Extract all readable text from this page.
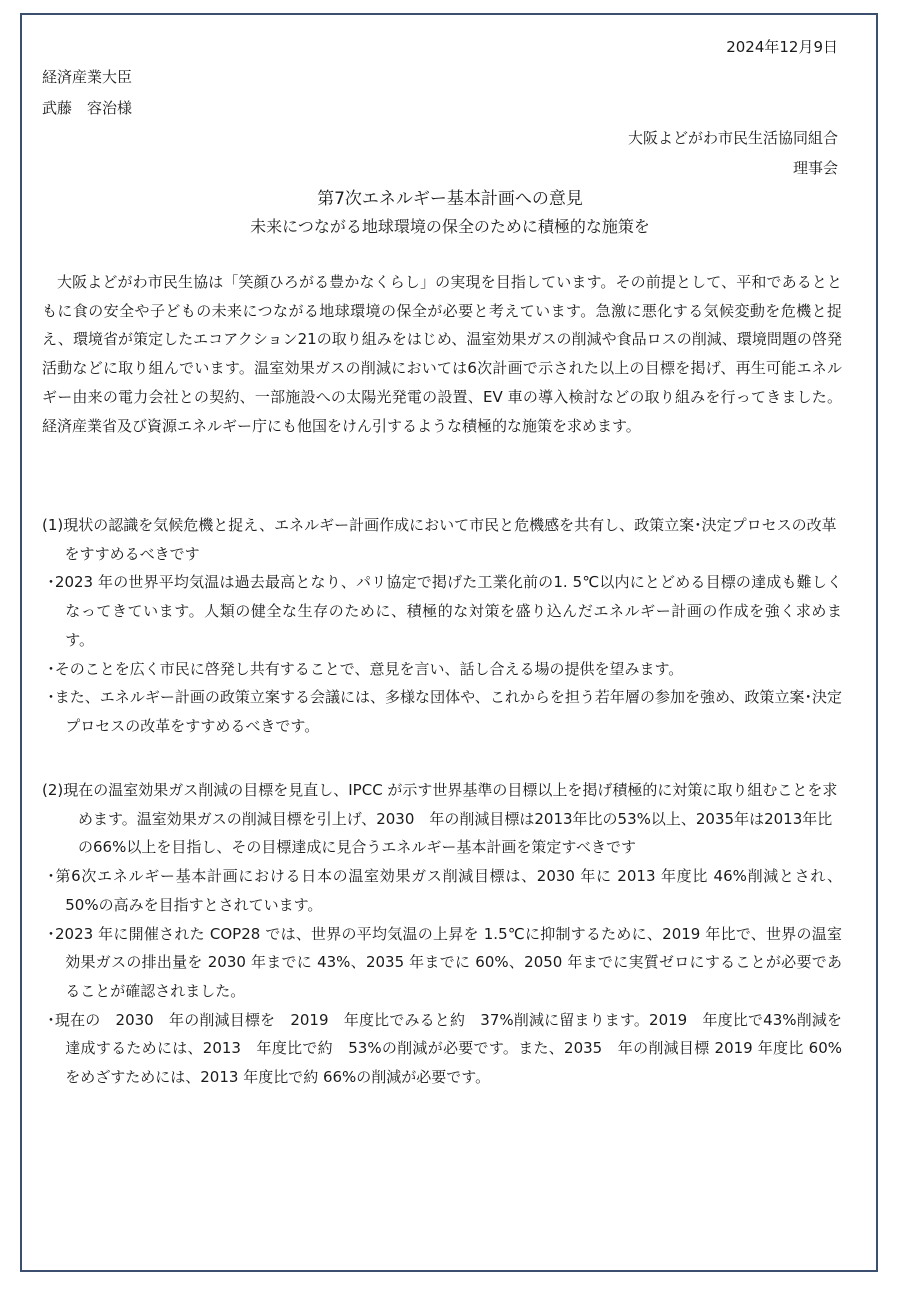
2024年12月9日
経済産業大臣
武藤　容治様
大阪よどがわ市民生活協同組合
理事会
第7次エネルギー基本計画への意見
未来につながる地球環境の保全のために積極的な施策を
大阪よどがわ市民生協は「笑顔ひろがる豊かなくらし」の実現を目指しています。その前提として、平和であるとともに食の安全や子どもの未来につながる地球環境の保全が必要と考えています。急激に悪化する気候変動を危機と捉え、環境省が策定したエコアクション21の取り組みをはじめ、温室効果ガスの削減や食品ロスの削減、環境問題の啓発活動などに取り組んでいます。温室効果ガスの削減においては6次計画で示された以上の目標を掲げ、再生可能エネルギー由来の電力会社との契約、一部施設への太陽光発電の設置、EV 車の導入検討などの取り組みを行ってきました。経済産業省及び資源エネルギー庁にも他国をけん引するような積極的な施策を求めます。
(1)現状の認識を気候危機と捉え、エネルギー計画作成において市民と危機感を共有し、政策立案･決定プロセスの改革をすすめるべきです
･2023 年の世界平均気温は過去最高となり、パリ協定で掲げた工業化前の1. 5℃以内にとどめる目標の達成も難しくなってきています。人類の健全な生存のために、積極的な対策を盛り込んだエネルギー計画の作成を強く求めます。
･そのことを広く市民に啓発し共有することで、意見を言い、話し合える場の提供を望みます。
･また、エネルギー計画の政策立案する会議には、多様な団体や、これからを担う若年層の参加を強め、政策立案･決定プロセスの改革をすすめるべきです。
(2)現在の温室効果ガス削減の目標を見直し、IPCC が示す世界基準の目標以上を掲げ積極的に対策に取り組むことを求めます。温室効果ガスの削減目標を引上げ、2030　年の削減目標は2013年比の53%以上、2035年は2013年比の66%以上を目指し、その目標達成に見合うエネルギー基本計画を策定すべきです
･第6次エネルギー基本計画における日本の温室効果ガス削減目標は、2030 年に 2013 年度比 46%削減とされ、50%の高みを目指すとされています。
･2023 年に開催された COP28 では、世界の平均気温の上昇を 1.5℃に抑制するために、2019 年比で、世界の温室効果ガスの排出量を 2030 年までに 43%、2035 年までに 60%、2050 年までに実質ゼロにすることが必要であることが確認されました。
･現在の　2030　年の削減目標を　2019　年度比でみると約　37%削減に留まります。2019　年度比で43%削減を達成するためには、2013　年度比で約　53%の削減が必要です。また、2035　年の削減目標 2019 年度比 60%をめざすためには、2013 年度比で約 66%の削減が必要です。
